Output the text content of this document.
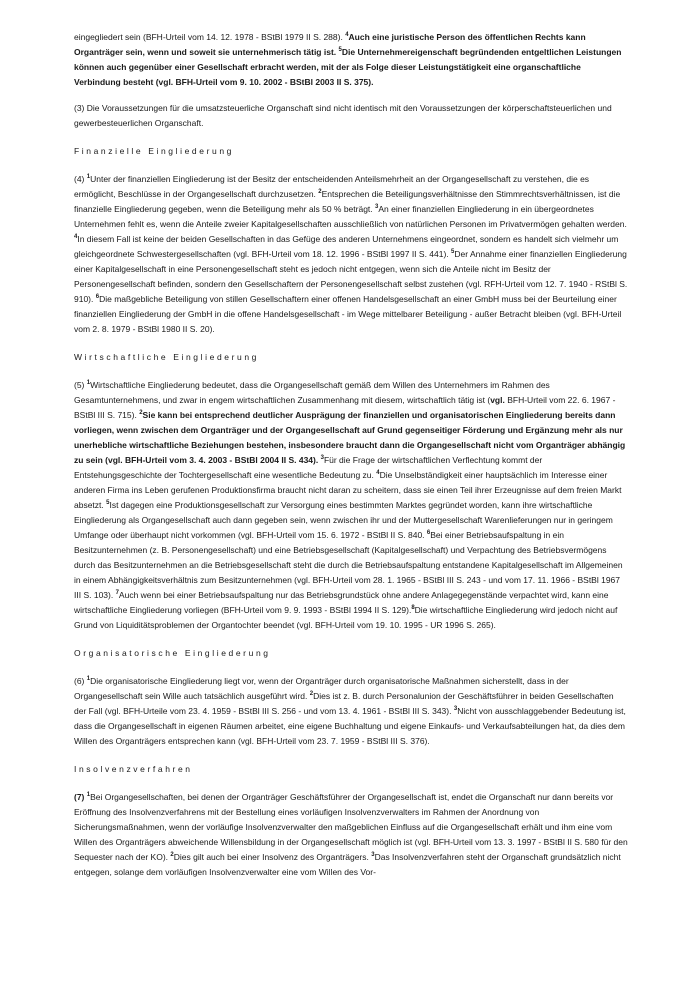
eingegliedert sein (BFH-Urteil vom 14. 12. 1978 - BStBl 1979 II S. 288). $^4$Auch eine juristische Person des öffentlichen Rechts kann Organträger sein, wenn und soweit sie unternehmerisch tätig ist. $^5$Die Unternehmereigenschaft begründenden entgeltlichen Leistungen können auch gegenüber einer Gesellschaft erbracht werden, mit der als Folge dieser Leistungstätigkeit eine organschaftliche Verbindung besteht (vgl. BFH-Urteil vom 9. 10. 2002 - BStBl 2003 II S. 375).

(3) Die Voraussetzungen für die umsatzsteuerliche Organschaft sind nicht identisch mit den Voraussetzungen der körperschaftsteuerlichen und gewerbesteuerlichen Organschaft.

Finanzielle Eingliederung

(4) $^1$Unter der finanziellen Eingliederung ist der Besitz der entscheidenden Anteilsmehrheit an der Organgesellschaft zu verstehen, die es ermöglicht, Beschlüsse in der Organgesellschaft durchzusetzen. $^2$Entsprechen die Beteiligungsverhältnisse den Stimmrechtsverhältnissen, ist die finanzielle Eingliederung gegeben, wenn die Beteiligung mehr als 50 % beträgt. $^3$An einer finanziellen Eingliederung in ein übergeordnetes Unternehmen fehlt es, wenn die Anteile zweier Kapitalgesellschaften ausschließlich von natürlichen Personen im Privatvermögen gehalten werden. $^4$In diesem Fall ist keine der beiden Gesellschaften in das Gefüge des anderen Unternehmens eingeordnet, sondern es handelt sich vielmehr um gleichgeordnete Schwestergesellschaften (vgl. BFH-Urteil vom 18. 12. 1996 - BStBl 1997 II S. 441). $^5$Der Annahme einer finanziellen Eingliederung einer Kapitalgesellschaft in eine Personengesellschaft steht es jedoch nicht entgegen, wenn sich die Anteile nicht im Besitz der Personengesellschaft befinden, sondern den Gesellschaftern der Personengesellschaft selbst zustehen (vgl. RFH-Urteil vom 12. 7. 1940 - RStBl S. 910). $^6$Die maßgebliche Beteiligung von stillen Gesellschaftern einer offenen Handelsgesellschaft an einer GmbH muss bei der Beurteilung einer finanziellen Eingliederung der GmbH in die offene Handelsgesellschaft - im Wege mittelbarer Beteiligung - außer Betracht bleiben (vgl. BFH-Urteil vom 2. 8. 1979 - BStBl 1980 II S. 20).

Wirtschaftliche Eingliederung

(5) $^1$Wirtschaftliche Eingliederung bedeutet, dass die Organgesellschaft gemäß dem Willen des Unternehmers im Rahmen des Gesamtunternehmens, und zwar in engem wirtschaftlichen Zusammenhang mit diesem, wirtschaftlich tätig ist (vgl. BFH-Urteil vom 22. 6. 1967 - BStBl III S. 715). $^2$Sie kann bei entsprechend deutlicher Ausprägung der finanziellen und organisatorischen Eingliederung bereits dann vorliegen, wenn zwischen dem Organträger und der Organgesellschaft auf Grund gegenseitiger Förderung und Ergänzung mehr als nur unerhebliche wirtschaftliche Beziehungen bestehen, insbesondere braucht dann die Organgesellschaft nicht vom Organträger abhängig zu sein (vgl. BFH-Urteil vom 3. 4. 2003 - BStBl 2004 II S. 434). $^3$Für die Frage der wirtschaftlichen Verflechtung kommt der Entstehungsgeschichte der Tochtergesellschaft eine wesentliche Bedeutung zu. $^4$Die Unselbständigkeit einer hauptsächlich im Interesse einer anderen Firma ins Leben gerufenen Produktionsfirma braucht nicht daran zu scheitern, dass sie einen Teil ihrer Erzeugnisse auf dem freien Markt absetzt. $^5$Ist dagegen eine Produktionsgesellschaft zur Versorgung eines bestimmten Marktes gegründet worden, kann ihre wirtschaftliche Eingliederung als Organgesellschaft auch dann gegeben sein, wenn zwischen ihr und der Muttergesellschaft Warenlieferungen nur in geringem Umfange oder überhaupt nicht vorkommen (vgl. BFH-Urteil vom 15. 6. 1972 - BStBl II S. 840. $^6$Bei einer Betriebsaufspaltung in ein Besitzunternehmen (z. B. Personengesellschaft) und eine Betriebsgesellschaft (Kapitalgesellschaft) und Verpachtung des Betriebsvermögens durch das Besitzunternehmen an die Betriebsgesellschaft steht die durch die Betriebsaufspaltung entstandene Kapitalgesellschaft im Allgemeinen in einem Abhängigkeitsverhältnis zum Besitzunternehmen (vgl. BFH-Urteil vom 28. 1. 1965 - BStBl III S. 243 - und vom 17. 11. 1966 - BStBl 1967 III S. 103). $^7$Auch wenn bei einer Betriebsaufspaltung nur das Betriebsgrundstück ohne andere Anlagegegenstände verpachtet wird, kann eine wirtschaftliche Eingliederung vorliegen (BFH-Urteil vom 9. 9. 1993 - BStBl 1994 II S. 129).$^8$Die wirtschaftliche Eingliederung wird jedoch nicht auf Grund von Liquiditätsproblemen der Organtochter beendet (vgl. BFH-Urteil vom 19. 10. 1995 - UR 1996 S. 265).

Organisatorische Eingliederung

(6) $^1$Die organisatorische Eingliederung liegt vor, wenn der Organträger durch organisatorische Maßnahmen sicherstellt, dass in der Organgesellschaft sein Wille auch tatsächlich ausgeführt wird. $^2$Dies ist z. B. durch Personalunion der Geschäftsführer in beiden Gesellschaften der Fall (vgl. BFH-Urteile vom 23. 4. 1959 - BStBl III S. 256 - und vom 13. 4. 1961 - BStBl III S. 343). $^3$Nicht von ausschlaggebender Bedeutung ist, dass die Organgesellschaft in eigenen Räumen arbeitet, eine eigene Buchhaltung und eigene Einkaufs- und Verkaufsabteilungen hat, da dies dem Willen des Organträgers entsprechen kann (vgl. BFH-Urteil vom 23. 7. 1959 - BStBl III S. 376).

Insolvenzverfahren

(7) $^1$Bei Organgesellschaften, bei denen der Organträger Geschäftsführer der Organgesellschaft ist, endet die Organschaft nur dann bereits vor Eröffnung des Insolvenzverfahrens mit der Bestellung eines vorläufigen Insolvenzverwalters im Rahmen der Anordnung von Sicherungsmaßnahmen, wenn der vorläufige Insolvenzverwalter den maßgeblichen Einfluss auf die Organgesellschaft erhält und ihm eine vom Willen des Organträgers abweichende Willensbildung in der Organgesellschaft möglich ist (vgl. BFH-Urteil vom 13. 3. 1997 - BStBl II S. 580 für den Sequester nach der KO). $^2$Dies gilt auch bei einer Insolvenz des Organträgers. $^3$Das Insolvenzverfahren steht der Organschaft grundsätzlich nicht entgegen, solange dem vorläufigen Insolvenzverwalter eine vom Willen des Vor-
